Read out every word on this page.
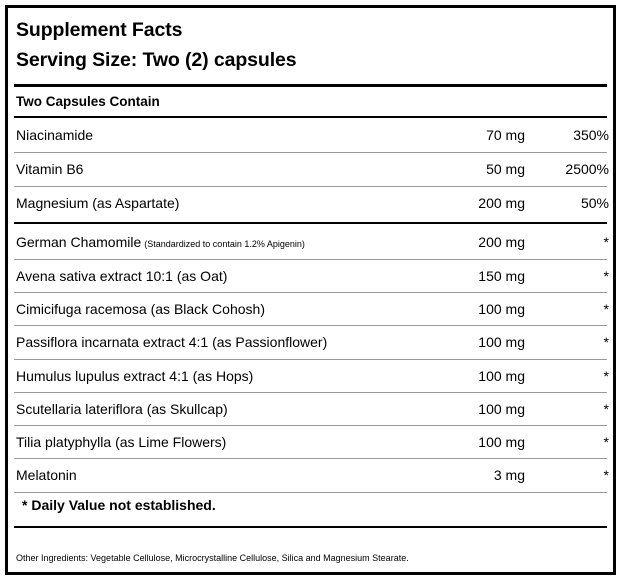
Supplement Facts
Serving Size: Two (2) capsules
Two Capsules Contain
Niacinamide	70 mg	350%
Vitamin B6	50 mg	2500%
Magnesium (as Aspartate)	200 mg	50%
German Chamomile (Standardized to contain 1.2% Apigenin)	200 mg	*
Avena sativa extract 10:1 (as Oat)	150 mg	*
Cimicifuga racemosa (as Black Cohosh)	100 mg	*
Passiflora incarnata extract 4:1 (as Passionflower)	100 mg	*
Humulus lupulus extract 4:1 (as Hops)	100 mg	*
Scutellaria lateriflora (as Skullcap)	100 mg	*
Tilia platyphylla (as Lime Flowers)	100 mg	*
Melatonin	3 mg	*
* Daily Value not established.
Other Ingredients: Vegetable Cellulose, Microcrystalline Cellulose, Silica and Magnesium Stearate.
